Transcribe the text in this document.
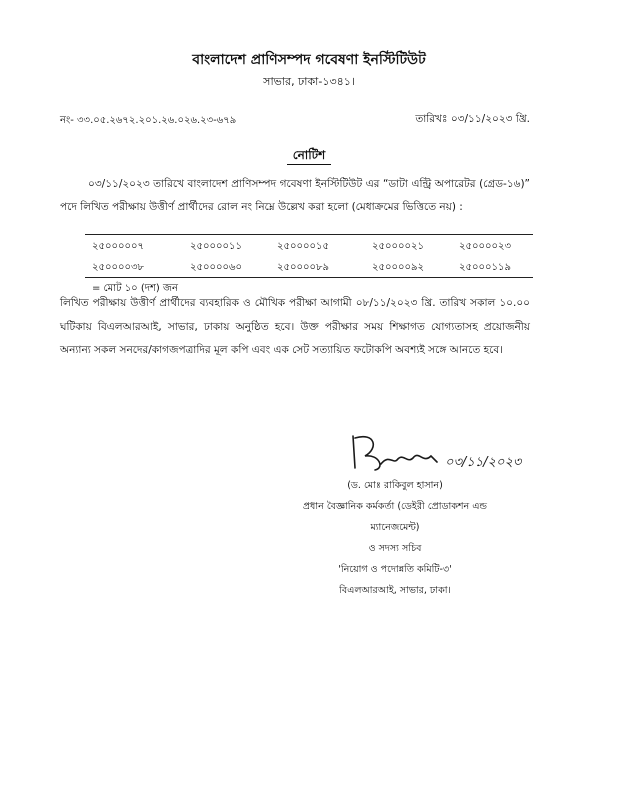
বাংলাদেশ প্রাণিসম্পদ গবেষণা ইনস্টিটিউট
সাভার, ঢাকা-১৩৪১।
নং- ৩৩.০৫.২৬৭২.২০১.২৬.০২৬.২৩-৬৭৯	তারিখঃ ০৩/১১/২০২৩ খ্রি.
নোটিশ
০৩/১১/২০২৩ তারিখে বাংলাদেশ প্রাণিসম্পদ গবেষণা ইনস্টিটিউট এর “ডাটা এন্ট্রি অপারেটর (গ্রেড-১৬)” পদে লিখিত পরীক্ষায় উত্তীর্ণ প্রার্থীদের রোল নং নিম্নে উল্লেখ করা হলো (মেধাক্রমের ভিত্তিতে নয়) :
২৫০০০০০৭	২৫০০০০১১	২৫০০০০১৫	২৫০০০০২১	২৫০০০০২৩
২৫০০০০৩৮	২৫০০০০৬০	২৫০০০০৮৯	২৫০০০০৯২	২৫০০০১১৯
= মোট ১০ (দশ) জন
লিখিত পরীক্ষায় উত্তীর্ণ প্রার্থীদের ব্যবহারিক ও মৌখিক পরীক্ষা আগামী ০৮/১১/২০২৩ খ্রি. তারিখ সকাল ১০.০০ ঘটিকায় বিএলআরআই, সাভার, ঢাকায় অনুষ্ঠিত হবে। উক্ত পরীক্ষার সময় শিক্ষাগত যোগ্যতাসহ প্রয়োজনীয় অন্যান্য সকল সনদের/কাগজপত্রাদির মূল কপি এবং এক সেট সত্যায়িত ফটোকপি অবশ্যই সঙ্গে আনতে হবে।
০৩/১১/২০২৩
(ড. মোঃ রাকিবুল হাসান)
প্রধান বৈজ্ঞানিক কর্মকর্তা (ডেইরী প্রোডাকশন এন্ড
ম্যানেজমেন্ট)
ও সদস্য সচিব
'নিয়োগ ও পদোন্নতি কমিটি-৩'
বিএলআরআই, সাভার, ঢাকা।
